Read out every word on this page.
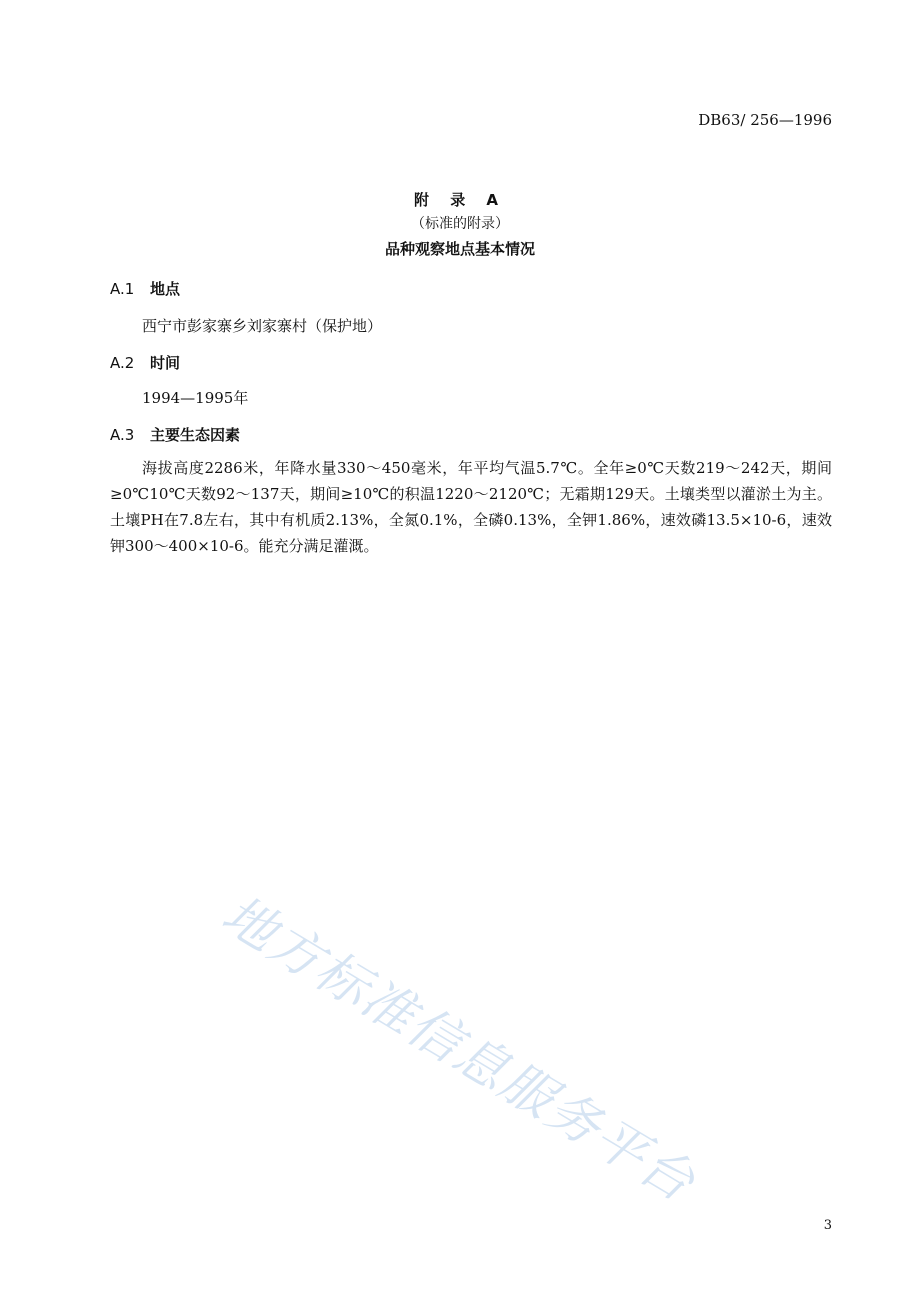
DB63/ 256—1996
附 录 A
（标准的附录）
品种观察地点基本情况
A.1 地点
西宁市彭家寨乡刘家寨村（保护地）
A.2 时间
1994—1995年
A.3 主要生态因素
海拔高度2286米，年降水量330～450毫米，年平均气温5.7℃。全年≥0℃天数219～242天，期间≥0℃10℃天数92～137天，期间≥10℃的积温1220～2120℃；无霜期129天。土壤类型以灌淤土为主。土壤PH在7.8左右，其中有机质2.13%，全氮0.1%，全磷0.13%，全钾1.86%，速效磷13.5×10-6，速效钾300～400×10-6。能充分满足灌溉。
地方标准信息服务平台
3
